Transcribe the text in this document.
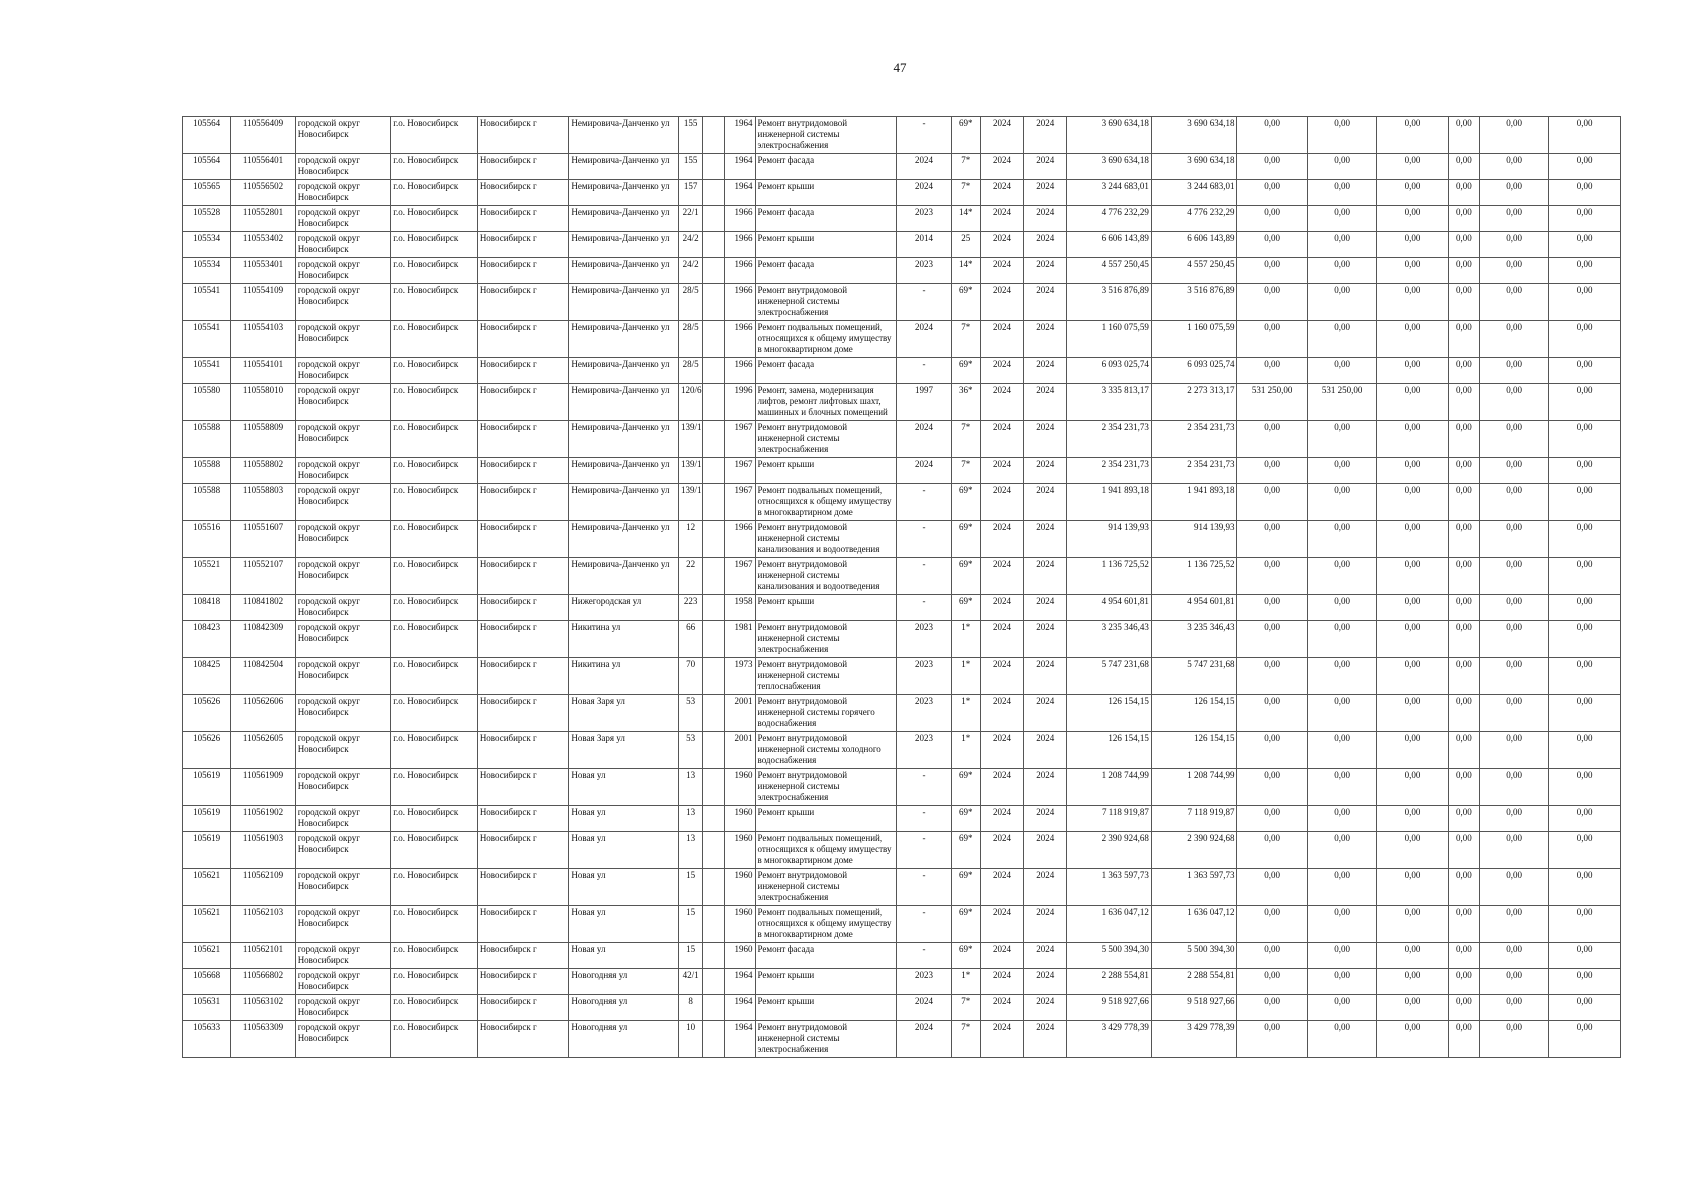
47
105564	110556409	городской округ Новосибирск	г.о. Новосибирск	Новосибирск г	Немировича-Данченко ул	155		1964	Ремонт внутридомовой инженерной системы электроснабжения	-	69*	2024	2024	3 690 634,18	3 690 634,18	0,00	0,00	0,00	0,00	0,00	0,00
105564	110556401	городской округ Новосибирск	г.о. Новосибирск	Новосибирск г	Немировича-Данченко ул	155		1964	Ремонт фасада	2024	7*	2024	2024	3 690 634,18	3 690 634,18	0,00	0,00	0,00	0,00	0,00	0,00
105565	110556502	городской округ Новосибирск	г.о. Новосибирск	Новосибирск г	Немировича-Данченко ул	157		1964	Ремонт крыши	2024	7*	2024	2024	3 244 683,01	3 244 683,01	0,00	0,00	0,00	0,00	0,00	0,00
105528	110552801	городской округ Новосибирск	г.о. Новосибирск	Новосибирск г	Немировича-Данченко ул	22/1		1966	Ремонт фасада	2023	14*	2024	2024	4 776 232,29	4 776 232,29	0,00	0,00	0,00	0,00	0,00	0,00
105534	110553402	городской округ Новосибирск	г.о. Новосибирск	Новосибирск г	Немировича-Данченко ул	24/2		1966	Ремонт крыши	2014	25	2024	2024	6 606 143,89	6 606 143,89	0,00	0,00	0,00	0,00	0,00	0,00
105534	110553401	городской округ Новосибирск	г.о. Новосибирск	Новосибирск г	Немировича-Данченко ул	24/2		1966	Ремонт фасада	2023	14*	2024	2024	4 557 250,45	4 557 250,45	0,00	0,00	0,00	0,00	0,00	0,00
105541	110554109	городской округ Новосибирск	г.о. Новосибирск	Новосибирск г	Немировича-Данченко ул	28/5		1966	Ремонт внутридомовой инженерной системы электроснабжения	-	69*	2024	2024	3 516 876,89	3 516 876,89	0,00	0,00	0,00	0,00	0,00	0,00
105541	110554103	городской округ Новосибирск	г.о. Новосибирск	Новосибирск г	Немировича-Данченко ул	28/5		1966	Ремонт подвальных помещений, относящихся к общему имуществу в многоквартирном доме	2024	7*	2024	2024	1 160 075,59	1 160 075,59	0,00	0,00	0,00	0,00	0,00	0,00
105541	110554101	городской округ Новосибирск	г.о. Новосибирск	Новосибирск г	Немировича-Данченко ул	28/5		1966	Ремонт фасада	-	69*	2024	2024	6 093 025,74	6 093 025,74	0,00	0,00	0,00	0,00	0,00	0,00
105580	110558010	городской округ Новосибирск	г.о. Новосибирск	Новосибирск г	Немировича-Данченко ул	120/6		1996	Ремонт, замена, модернизация лифтов, ремонт лифтовых шахт, машинных и блочных помещений	1997	36*	2024	2024	3 335 813,17	2 273 313,17	531 250,00	531 250,00	0,00	0,00	0,00	0,00
105588	110558809	городской округ Новосибирск	г.о. Новосибирск	Новосибирск г	Немировича-Данченко ул	139/1		1967	Ремонт внутридомовой инженерной системы электроснабжения	2024	7*	2024	2024	2 354 231,73	2 354 231,73	0,00	0,00	0,00	0,00	0,00	0,00
105588	110558802	городской округ Новосибирск	г.о. Новосибирск	Новосибирск г	Немировича-Данченко ул	139/1		1967	Ремонт крыши	2024	7*	2024	2024	2 354 231,73	2 354 231,73	0,00	0,00	0,00	0,00	0,00	0,00
105588	110558803	городской округ Новосибирск	г.о. Новосибирск	Новосибирск г	Немировича-Данченко ул	139/1		1967	Ремонт подвальных помещений, относящихся к общему имуществу в многоквартирном доме	-	69*	2024	2024	1 941 893,18	1 941 893,18	0,00	0,00	0,00	0,00	0,00	0,00
105516	110551607	городской округ Новосибирск	г.о. Новосибирск	Новосибирск г	Немировича-Данченко ул	12		1966	Ремонт внутридомовой инженерной системы канализования и водоотведения	-	69*	2024	2024	914 139,93	914 139,93	0,00	0,00	0,00	0,00	0,00	0,00
105521	110552107	городской округ Новосибирск	г.о. Новосибирск	Новосибирск г	Немировича-Данченко ул	22		1967	Ремонт внутридомовой инженерной системы канализования и водоотведения	-	69*	2024	2024	1 136 725,52	1 136 725,52	0,00	0,00	0,00	0,00	0,00	0,00
108418	110841802	городской округ Новосибирск	г.о. Новосибирск	Новосибирск г	Нижегородская ул	223		1958	Ремонт крыши	-	69*	2024	2024	4 954 601,81	4 954 601,81	0,00	0,00	0,00	0,00	0,00	0,00
108423	110842309	городской округ Новосибирск	г.о. Новосибирск	Новосибирск г	Никитина ул	66		1981	Ремонт внутридомовой инженерной системы электроснабжения	2023	1*	2024	2024	3 235 346,43	3 235 346,43	0,00	0,00	0,00	0,00	0,00	0,00
108425	110842504	городской округ Новосибирск	г.о. Новосибирск	Новосибирск г	Никитина ул	70		1973	Ремонт внутридомовой инженерной системы теплоснабжения	2023	1*	2024	2024	5 747 231,68	5 747 231,68	0,00	0,00	0,00	0,00	0,00	0,00
105626	110562606	городской округ Новосибирск	г.о. Новосибирск	Новосибирск г	Новая Заря ул	53		2001	Ремонт внутридомовой инженерной системы горячего водоснабжения	2023	1*	2024	2024	126 154,15	126 154,15	0,00	0,00	0,00	0,00	0,00	0,00
105626	110562605	городской округ Новосибирск	г.о. Новосибирск	Новосибирск г	Новая Заря ул	53		2001	Ремонт внутридомовой инженерной системы холодного водоснабжения	2023	1*	2024	2024	126 154,15	126 154,15	0,00	0,00	0,00	0,00	0,00	0,00
105619	110561909	городской округ Новосибирск	г.о. Новосибирск	Новосибирск г	Новая ул	13		1960	Ремонт внутридомовой инженерной системы электроснабжения	-	69*	2024	2024	1 208 744,99	1 208 744,99	0,00	0,00	0,00	0,00	0,00	0,00
105619	110561902	городской округ Новосибирск	г.о. Новосибирск	Новосибирск г	Новая ул	13		1960	Ремонт крыши	-	69*	2024	2024	7 118 919,87	7 118 919,87	0,00	0,00	0,00	0,00	0,00	0,00
105619	110561903	городской округ Новосибирск	г.о. Новосибирск	Новосибирск г	Новая ул	13		1960	Ремонт подвальных помещений, относящихся к общему имуществу в многоквартирном доме	-	69*	2024	2024	2 390 924,68	2 390 924,68	0,00	0,00	0,00	0,00	0,00	0,00
105621	110562109	городской округ Новосибирск	г.о. Новосибирск	Новосибирск г	Новая ул	15		1960	Ремонт внутридомовой инженерной системы электроснабжения	-	69*	2024	2024	1 363 597,73	1 363 597,73	0,00	0,00	0,00	0,00	0,00	0,00
105621	110562103	городской округ Новосибирск	г.о. Новосибирск	Новосибирск г	Новая ул	15		1960	Ремонт подвальных помещений, относящихся к общему имуществу в многоквартирном доме	-	69*	2024	2024	1 636 047,12	1 636 047,12	0,00	0,00	0,00	0,00	0,00	0,00
105621	110562101	городской округ Новосибирск	г.о. Новосибирск	Новосибирск г	Новая ул	15		1960	Ремонт фасада	-	69*	2024	2024	5 500 394,30	5 500 394,30	0,00	0,00	0,00	0,00	0,00	0,00
105668	110566802	городской округ Новосибирск	г.о. Новосибирск	Новосибирск г	Новогодняя ул	42/1		1964	Ремонт крыши	2023	1*	2024	2024	2 288 554,81	2 288 554,81	0,00	0,00	0,00	0,00	0,00	0,00
105631	110563102	городской округ Новосибирск	г.о. Новосибирск	Новосибирск г	Новогодняя ул	8		1964	Ремонт крыши	2024	7*	2024	2024	9 518 927,66	9 518 927,66	0,00	0,00	0,00	0,00	0,00	0,00
105633	110563309	городской округ Новосибирск	г.о. Новосибирск	Новосибирск г	Новогодняя ул	10		1964	Ремонт внутридомовой инженерной системы электроснабжения	2024	7*	2024	2024	3 429 778,39	3 429 778,39	0,00	0,00	0,00	0,00	0,00	0,00
